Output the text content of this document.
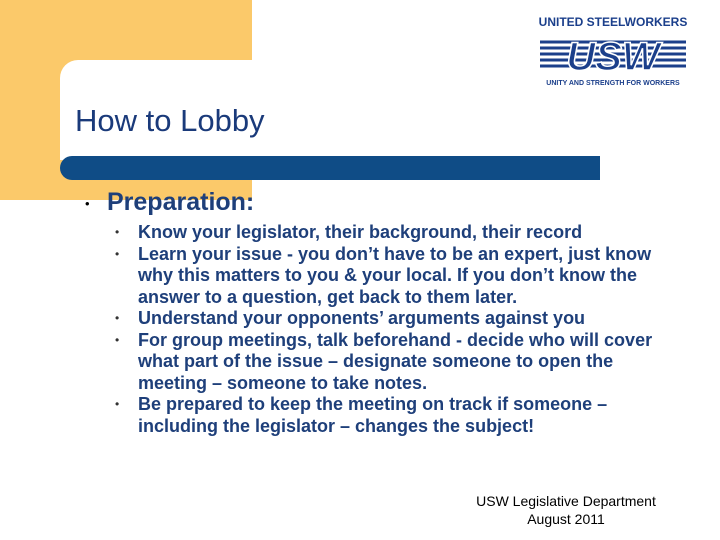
UNITED STEELWORKERS
USW
UNITY AND STRENGTH FOR WORKERS
How to Lobby
• Preparation:
• Know your legislator, their background, their record
• Learn your issue - you don’t have to be an expert, just know why this matters to you & your local. If you don’t know the answer to a question, get back to them later.
• Understand your opponents’ arguments against you
• For group meetings, talk beforehand - decide who will cover what part of the issue – designate someone to open the meeting – someone to take notes.
• Be prepared to keep the meeting on track if someone – including the legislator – changes the subject!
USW Legislative Department
August 2011
